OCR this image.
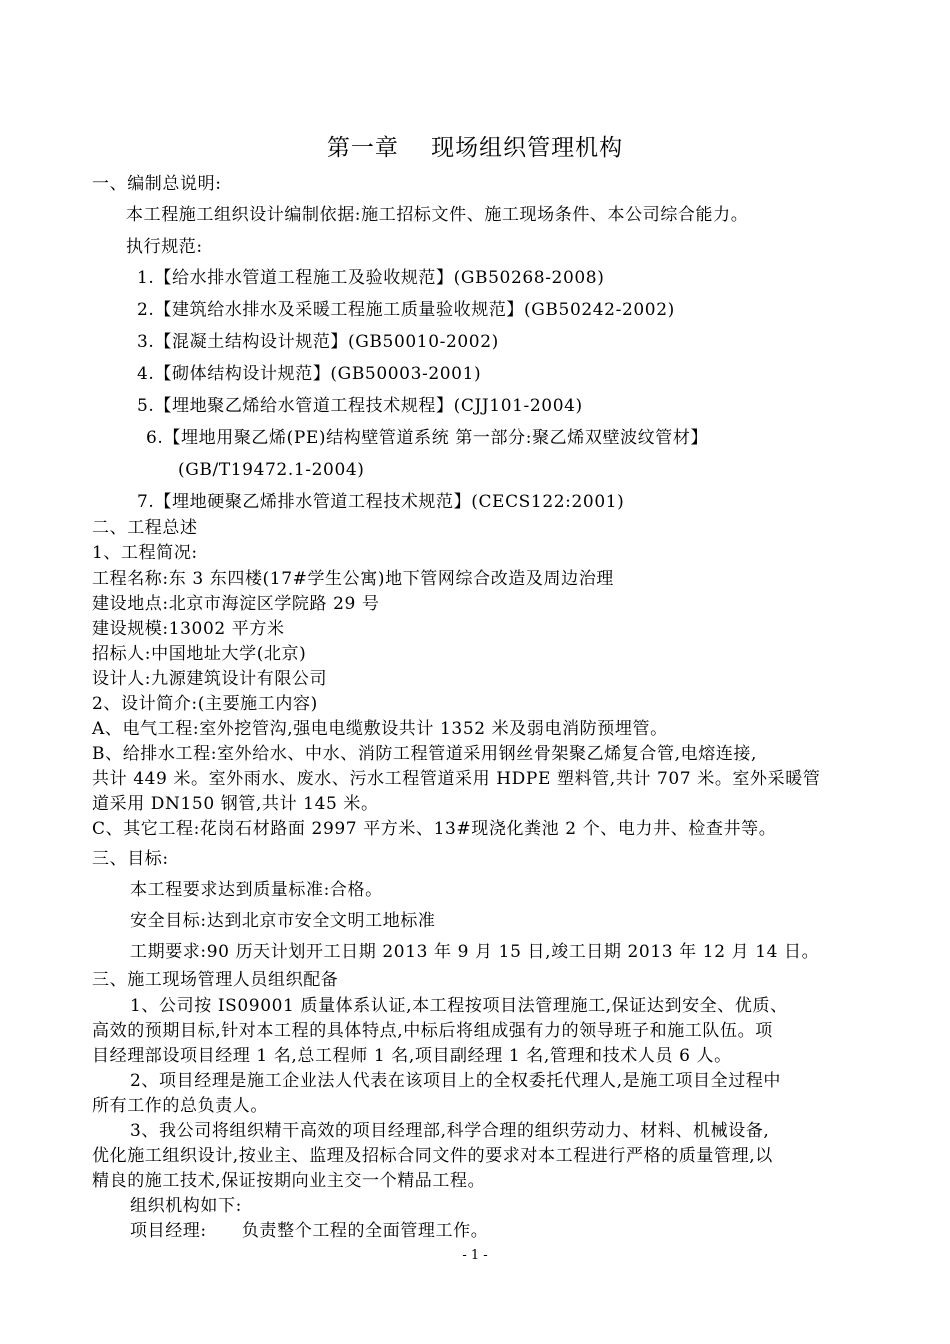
第一章　 现场组织管理机构
一、编制总说明:
本工程施工组织设计编制依据:施工招标文件、施工现场条件、本公司综合能力。
执行规范:
1.【给水排水管道工程施工及验收规范】(GB50268-2008)
2.【建筑给水排水及采暖工程施工质量验收规范】(GB50242-2002)
3.【混凝土结构设计规范】(GB50010-2002)
4.【砌体结构设计规范】(GB50003-2001)
5.【埋地聚乙烯给水管道工程技术规程】(CJJ101-2004)
6.【埋地用聚乙烯(PE)结构壁管道系统 第一部分:聚乙烯双壁波纹管材】
(GB/T19472.1-2004)
7.【埋地硬聚乙烯排水管道工程技术规范】(CECS122:2001)
二、工程总述
1、工程简况:
工程名称:东 3 东四楼(17#学生公寓)地下管网综合改造及周边治理
建设地点:北京市海淀区学院路 29 号
建设规模:13002 平方米
招标人:中国地址大学(北京)
设计人:九源建筑设计有限公司
2、设计简介:(主要施工内容)
A、电气工程:室外挖管沟,强电电缆敷设共计 1352 米及弱电消防预埋管。
B、给排水工程:室外给水、中水、消防工程管道采用钢丝骨架聚乙烯复合管,电熔连接,
共计 449 米。室外雨水、废水、污水工程管道采用 HDPE 塑料管,共计 707 米。室外采暖管
道采用 DN150 钢管,共计 145 米。
C、其它工程:花岗石材路面 2997 平方米、13#现浇化粪池 2 个、电力井、检查井等。
三、目标:
本工程要求达到质量标准:合格。
安全目标:达到北京市安全文明工地标准
工期要求:90 历天计划开工日期 2013 年 9 月 15 日,竣工日期 2013 年 12 月 14 日。
三、施工现场管理人员组织配备
1、公司按 IS09001 质量体系认证,本工程按项目法管理施工,保证达到安全、优质、
高效的预期目标,针对本工程的具体特点,中标后将组成强有力的领导班子和施工队伍。项
目经理部设项目经理 1 名,总工程师 1 名,项目副经理 1 名,管理和技术人员 6 人。
2、项目经理是施工企业法人代表在该项目上的全权委托代理人,是施工项目全过程中
所有工作的总负责人。
3、我公司将组织精干高效的项目经理部,科学合理的组织劳动力、材料、机械设备,
优化施工组织设计,按业主、监理及招标合同文件的要求对本工程进行严格的质量管理,以
精良的施工技术,保证按期向业主交一个精品工程。
组织机构如下:
项目经理:　　负责整个工程的全面管理工作。
- 1 -
